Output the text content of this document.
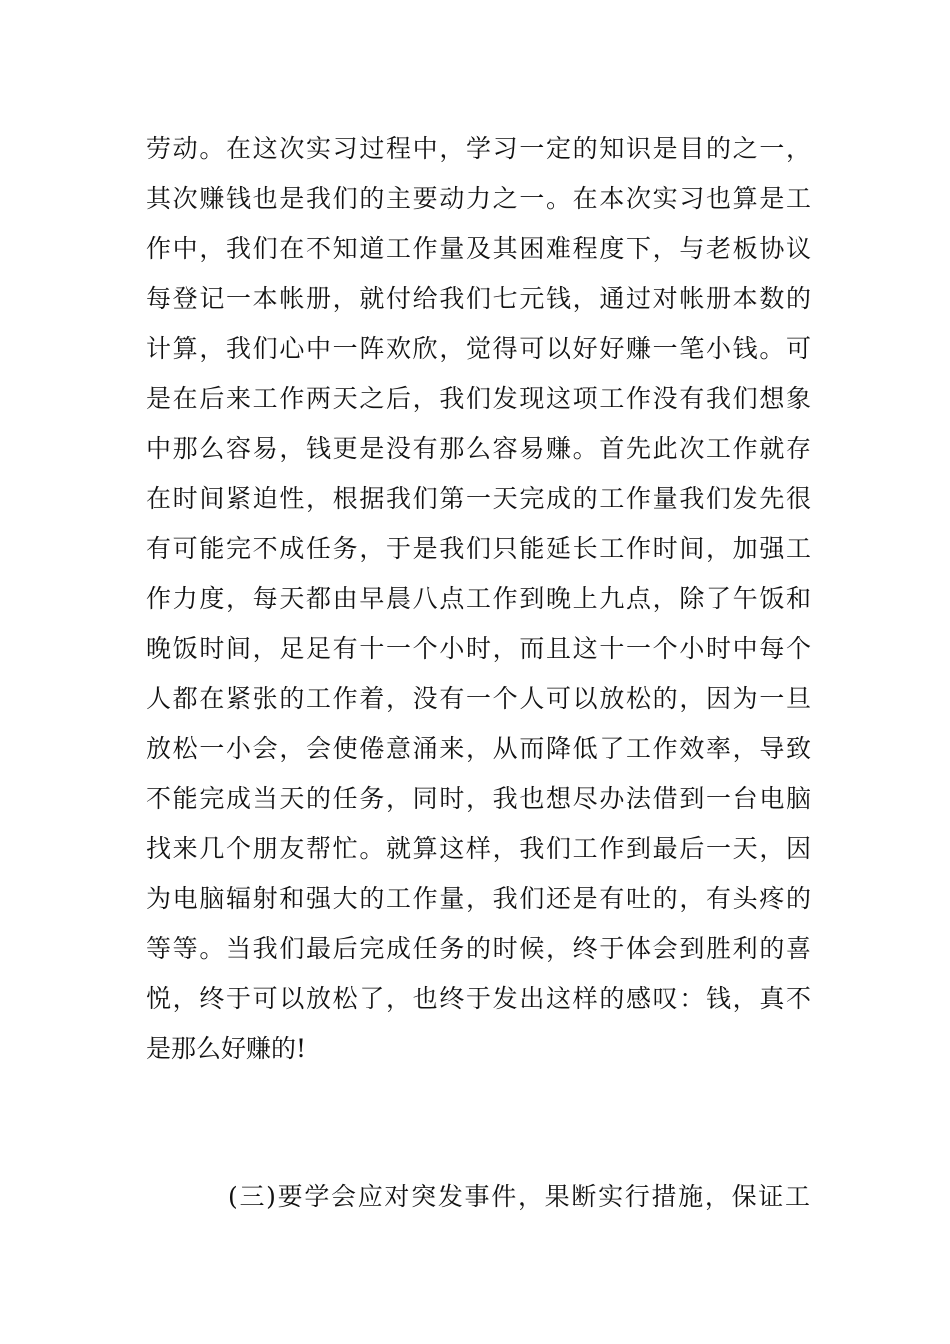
劳动。在这次实习过程中，学习一定的知识是目的之一，
其次赚钱也是我们的主要动力之一。在本次实习也算是工
作中，我们在不知道工作量及其困难程度下，与老板协议
每登记一本帐册，就付给我们七元钱，通过对帐册本数的
计算，我们心中一阵欢欣，觉得可以好好赚一笔小钱。可
是在后来工作两天之后，我们发现这项工作没有我们想象
中那么容易，钱更是没有那么容易赚。首先此次工作就存
在时间紧迫性，根据我们第一天完成的工作量我们发先很
有可能完不成任务，于是我们只能延长工作时间，加强工
作力度，每天都由早晨八点工作到晚上九点，除了午饭和
晚饭时间，足足有十一个小时，而且这十一个小时中每个
人都在紧张的工作着，没有一个人可以放松的，因为一旦
放松一小会，会使倦意涌来，从而降低了工作效率，导致
不能完成当天的任务，同时，我也想尽办法借到一台电脑
找来几个朋友帮忙。就算这样，我们工作到最后一天，因
为电脑辐射和强大的工作量，我们还是有吐的，有头疼的
等等。当我们最后完成任务的时候，终于体会到胜利的喜
悦，终于可以放松了，也终于发出这样的感叹：钱，真不
是那么好赚的!
(三)要学会应对突发事件，果断实行措施，保证工
